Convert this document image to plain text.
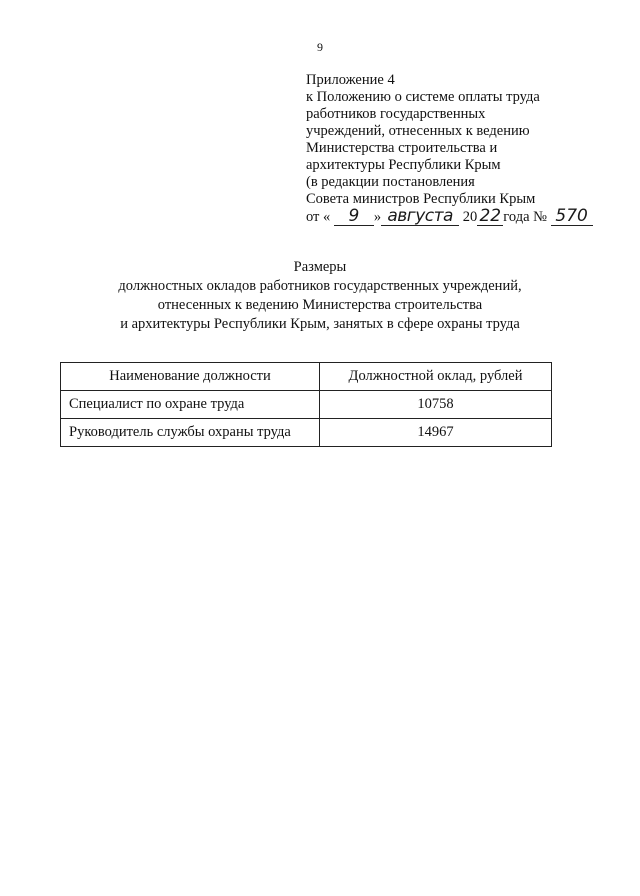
9
Приложение 4
к Положению о системе оплаты труда
работников государственных
учреждений, отнесенных к ведению
Министерства строительства и
архитектуры Республики Крым
(в редакции постановления
Совета министров Республики Крым
от « 9 » августа 20 22 года № 570
Размеры
должностных окладов работников государственных учреждений,
отнесенных к ведению Министерства строительства
и архитектуры Республики Крым, занятых в сфере охраны труда
Наименование должности	Должностной оклад, рублей
Специалист по охране труда	10758
Руководитель службы охраны труда	14967
